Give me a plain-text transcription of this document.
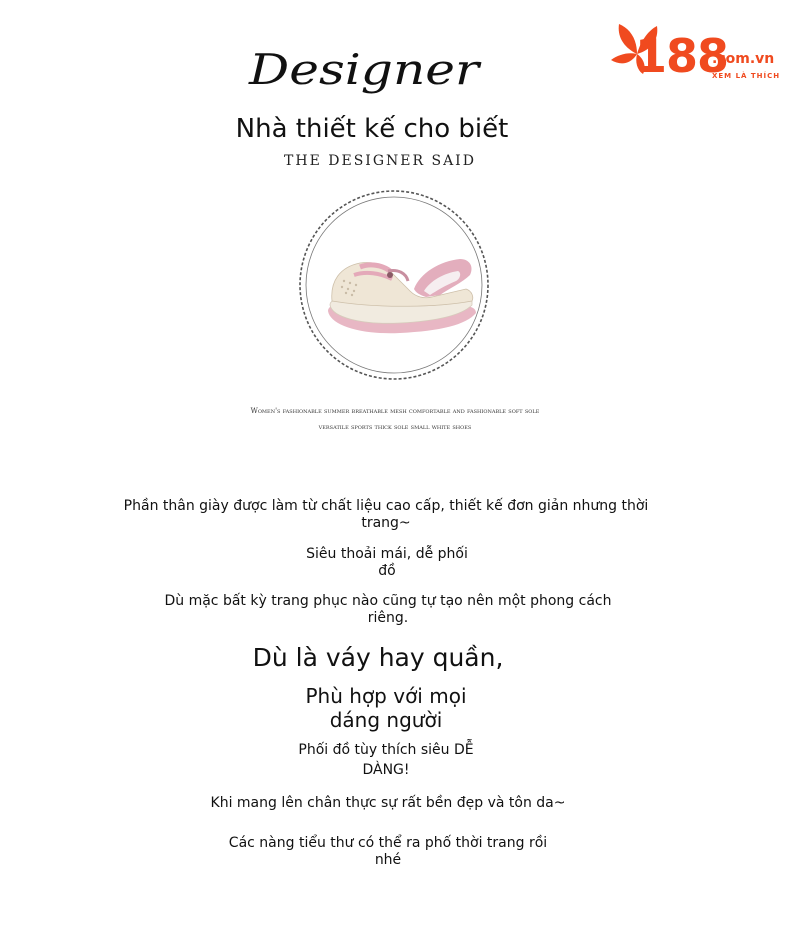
188
.com.vn
XEM LÀ THÍCH
Designer
Nhà thiết kế cho biết
THE DESIGNER SAID
Women's fashionable summer breathable mesh comfortable and fashionable soft sole
versatile sports thick sole small white shoes
Phần thân giày được làm từ chất liệu cao cấp, thiết kế đơn giản nhưng thời trang~
Siêu thoải mái, dễ phối đồ
Dù mặc bất kỳ trang phục nào cũng tự tạo nên một phong cách riêng.
Dù là váy hay quần,
Phù hợp với mọi dáng người
Phối đồ tùy thích siêu DỄ DÀNG!
Khi mang lên chân thực sự rất bền đẹp và tôn da~
Các nàng tiểu thư có thể ra phố thời trang rồi nhé
